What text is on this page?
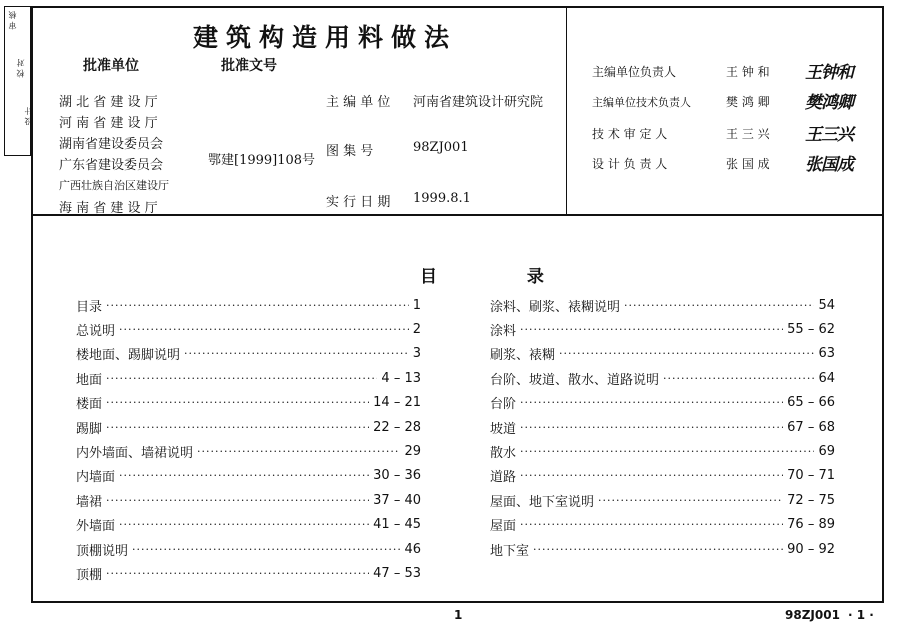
审 核
校 对
设 计
建筑构造用料做法
批准单位	批准文号
湖 北 省 建 设 厅
河 南 省 建 设 厅
湖南省建设委员会
广东省建设委员会
广西壮族自治区建设厅
海 南 省 建 设 厅
鄂建[1999]108号
主 编 单 位 河南省建筑设计研究院
图 集 号	98ZJ001
实 行 日 期 1999.8.1
主编单位负责人	王 钟 和 王钟和
主编单位技术负责人	樊 鸿 卿 樊鸿卿
技 术 审 定 人	王 三 兴 王三兴
设 计 负 责 人	张 国 成 张国成
目 录
目录 ·····	1
总说明 ·····	2
楼地面、踢脚说明 ·····	3
地面 ·····	4 – 13
楼面 ·····	14 – 21
踢脚 ·····	22 – 28
内外墙面、墙裙说明 ·····	29
内墙面 ·····	30 – 36
墙裙 ·····	37 – 40
外墙面 ·····	41 – 45
顶棚说明 ·····	46
顶棚 ·····	47 – 53
涂料、刷浆、裱糊说明 ·····	54
涂料 ·····	55 – 62
刷浆、裱糊 ·····	63
台阶、坡道、散水、道路说明 ·····	64
台阶 ·····	65 – 66
坡道 ·····	67 – 68
散水 ·····	69
道路 ·····	70 – 71
屋面、地下室说明 ·····	72 – 75
屋面 ·····	76 – 89
地下室 ·····	90 – 92
1	98ZJ001 · 1 ·
